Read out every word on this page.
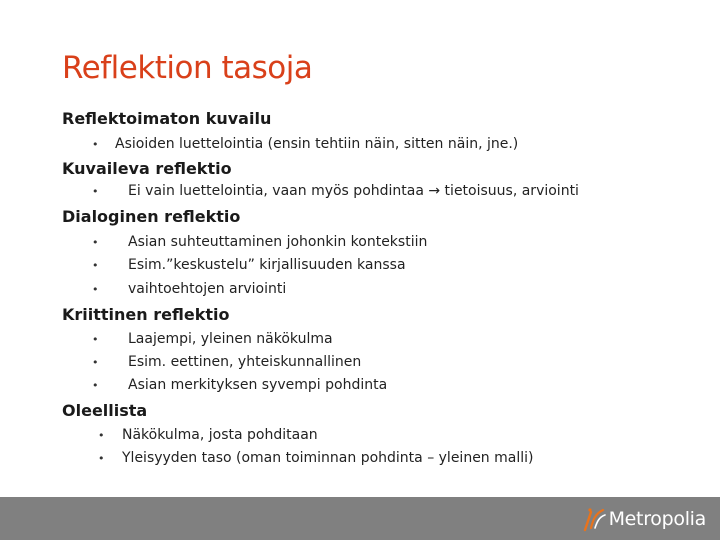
Reflektion tasoja
Reflektoimaton kuvailu
• Asioiden luettelointia (ensin tehtiin näin, sitten näin, jne.)
Kuvaileva reflektio
• Ei vain luettelointia, vaan myös pohdintaa → tietoisuus, arviointi
Dialoginen reflektio
• Asian suhteuttaminen johonkin kontekstiin
• Esim.”keskustelu” kirjallisuuden kanssa
• vaihtoehtojen arviointi
Kriittinen reflektio
• Laajempi, yleinen näkökulma
• Esim. eettinen, yhteiskunnallinen
• Asian merkityksen syvempi pohdinta
Oleellista
• Näkökulma, josta pohditaan
• Yleisyyden taso (oman toiminnan pohdinta – yleinen malli)
Metropolia
